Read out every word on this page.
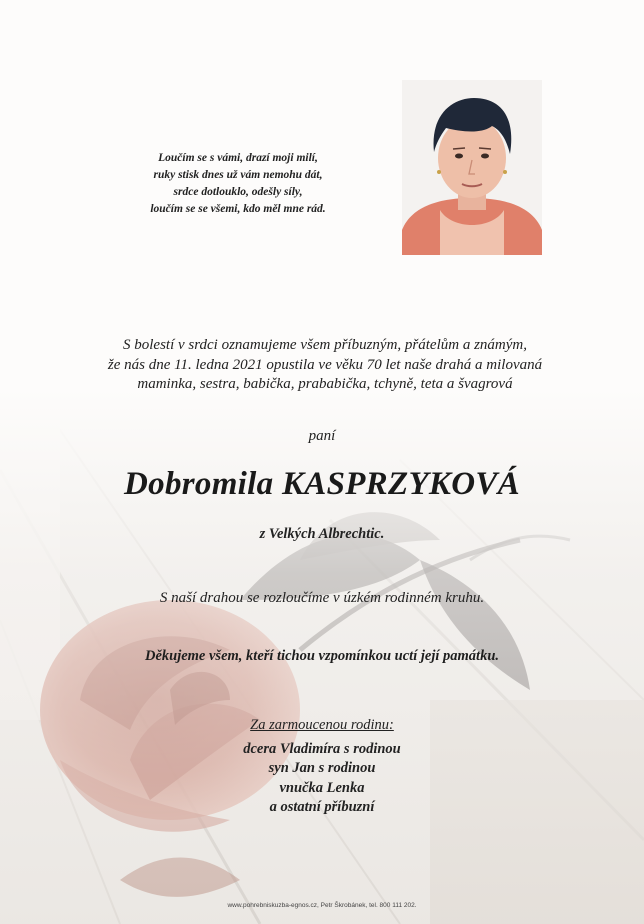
Loučím se s vámi, drazí moji milí,
ruky stisk dnes už vám nemohu dát,
srdce dotlouklo, odešly síly,
loučím se se všemi, kdo měl mne rád.
S bolestí v srdci oznamujeme všem příbuzným, přátelům a známým,
že nás dne 11. ledna 2021 opustila ve věku 70 let naše drahá a milovaná
maminka, sestra, babička, prababička, tchyně, teta a švagrová
paní
Dobromila KASPRZYKOVÁ
z Velkých Albrechtic.
S naší drahou se rozloučíme v úzkém rodinném kruhu.
Děkujeme všem, kteří tichou vzpomínkou uctí její památku.
Za zarmoucenou rodinu:
dcera Vladimíra s rodinou
syn Jan s rodinou
vnučka Lenka
a ostatní příbuzní
www.pohrebniskuzba-egnos.cz, Petr Škrobánek, tel. 800 111 202.
